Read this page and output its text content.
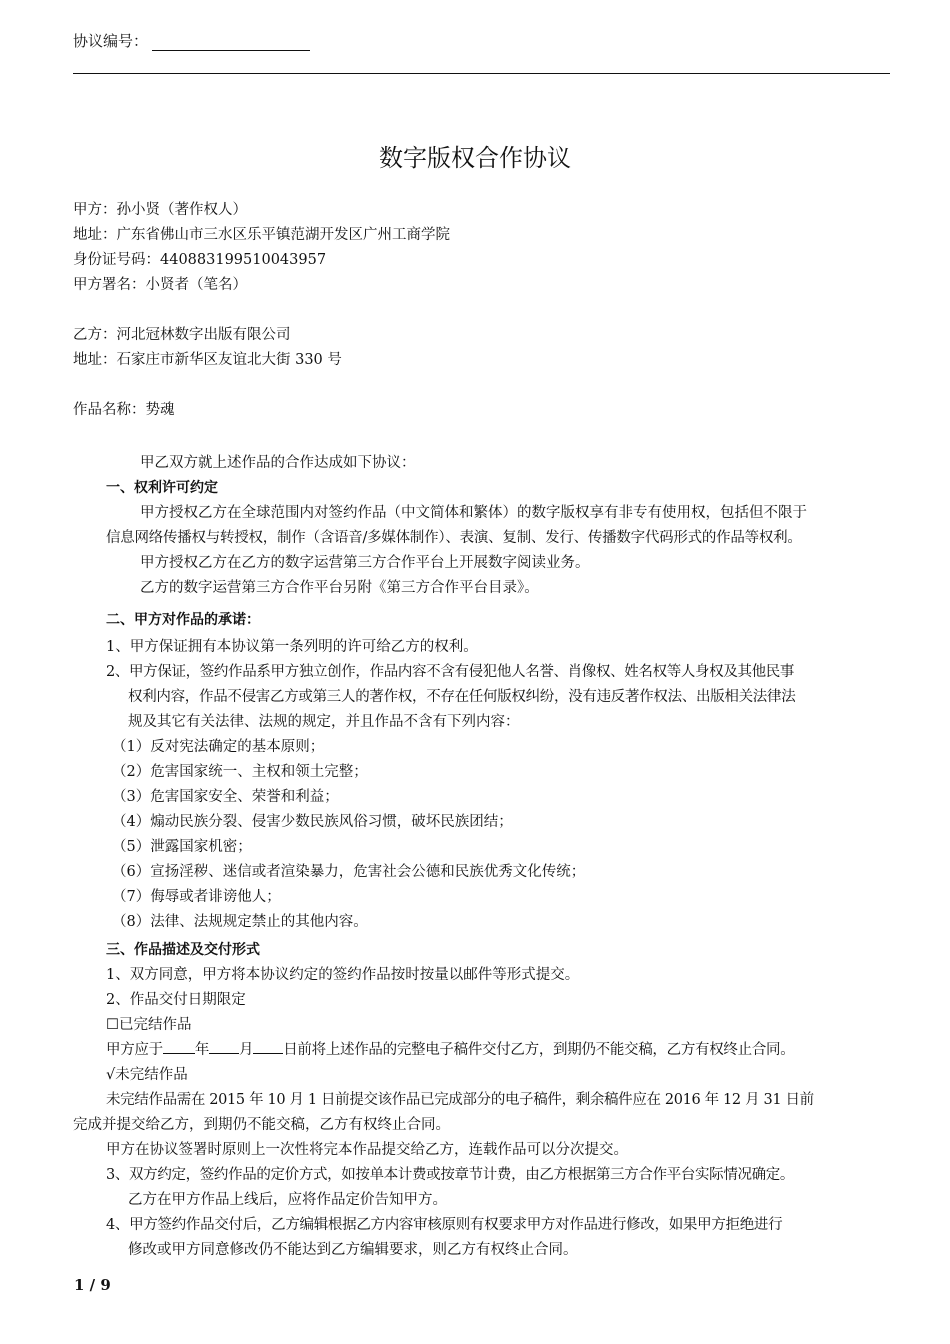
协议编号：
数字版权合作协议
甲方：孙小贤（著作权人）
地址：广东省佛山市三水区乐平镇范湖开发区广州工商学院
身份证号码：440883199510043957
甲方署名：小贤者（笔名）
乙方：河北冠林数字出版有限公司
地址：石家庄市新华区友谊北大街 330 号
作品名称：势魂
甲乙双方就上述作品的合作达成如下协议：
一、权利许可约定
甲方授权乙方在全球范围内对签约作品（中文简体和繁体）的数字版权享有非专有使用权，包括但不限于
信息网络传播权与转授权，制作（含语音/多媒体制作）、表演、复制、发行、传播数字代码形式的作品等权利。
甲方授权乙方在乙方的数字运营第三方合作平台上开展数字阅读业务。
乙方的数字运营第三方合作平台另附《第三方合作平台目录》。
二、甲方对作品的承诺：
1、甲方保证拥有本协议第一条列明的许可给乙方的权利。
2、甲方保证，签约作品系甲方独立创作，作品内容不含有侵犯他人名誉、肖像权、姓名权等人身权及其他民事
权利内容，作品不侵害乙方或第三人的著作权，不存在任何版权纠纷，没有违反著作权法、出版相关法律法
规及其它有关法律、法规的规定，并且作品不含有下列内容：
（1）反对宪法确定的基本原则；
（2）危害国家统一、主权和领土完整；
（3）危害国家安全、荣誉和利益；
（4）煽动民族分裂、侵害少数民族风俗习惯，破坏民族团结；
（5）泄露国家机密；
（6）宣扬淫秽、迷信或者渲染暴力，危害社会公德和民族优秀文化传统；
（7）侮辱或者诽谤他人；
（8）法律、法规规定禁止的其他内容。
三、作品描述及交付形式
1、双方同意，甲方将本协议约定的签约作品按时按量以邮件等形式提交。
2、作品交付日期限定
☐已完结作品
甲方应于 年 月 日前将上述作品的完整电子稿件交付乙方，到期仍不能交稿，乙方有权终止合同。
√未完结作品
未完结作品需在 2015 年 10 月 1 日前提交该作品已完成部分的电子稿件，剩余稿件应在 2016 年 12 月 31 日前
完成并提交给乙方，到期仍不能交稿，乙方有权终止合同。
甲方在协议签署时原则上一次性将完本作品提交给乙方，连载作品可以分次提交。
3、双方约定，签约作品的定价方式，如按单本计费或按章节计费，由乙方根据第三方合作平台实际情况确定。
乙方在甲方作品上线后，应将作品定价告知甲方。
4、甲方签约作品交付后，乙方编辑根据乙方内容审核原则有权要求甲方对作品进行修改，如果甲方拒绝进行
修改或甲方同意修改仍不能达到乙方编辑要求，则乙方有权终止合同。
1 / 9
